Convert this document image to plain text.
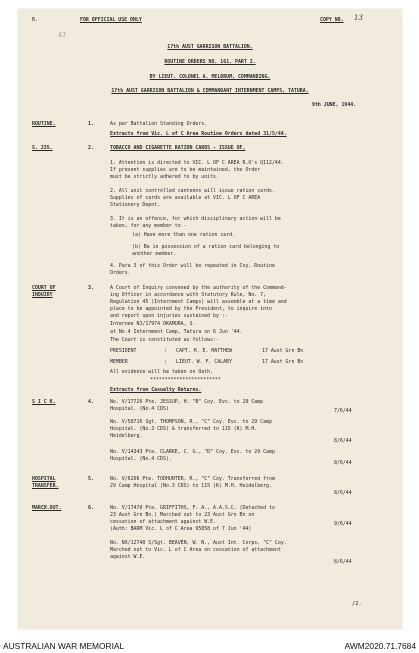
B.	FOR OFFICIAL USE ONLY	COPY NO. 13
43
17th AUST GARRISON BATTALION.
ROUTINE ORDERS NO. 161. PART I.
BY LIEUT. COLONEL A. MELDRUM, COMMANDING.
17th AUST GARRISON BATTALION & COMMANDANT INTERNMENT CAMPS, TATURA.
9th JUNE, 1944.
ROUTINE.	1.	As per Battalion Standing Orders.
Extracts from Vic. L of C Area Routine Orders dated 31/5/44.
S. 235.	2.	TOBACCO AND CIGARETTE RATION CARDS - ISSUE OF.
1. Attention is directed to VIC. L OF C AREA R.O's Q112/44.
If present supplies are to be maintained, the Order
must be strictly adhered to by units.
2. All unit controlled canteens will issue ration cards.
Supplies of cards are available at VIC. L OF C AREA
Stationery Depot.
3. It is an offence, for which disciplinary action will be
taken, for any member to -
(a) Have more than one ration card.
(b) Be in possession of a ration card belonging to
another member.
4. Para 3 of this Order will be repeated in Coy. Routine
Orders.
COURT OF
INQUIRY
3.	A Court of Inquiry convened by the authority of the Command-
ing Officer in accordance with Statutory Rule, No. 7,
Regulation 45 (Internment Camps) will assemble at a time and
place to be appointed by the President, to inquire into
and report upon injuries sustained by :-
Internee NJ/17974 OKAMURA, S.
at No.4 Internment Camp, Tatura on 6 Jun '44.
The Court is constituted as follows:-
PRESIDENT	: CAPT. H. E. MATTHEW	17 Aust Grn Bn
MEMBER	: LIEUT. W. F. CALABY	17 Aust Grn Bn
All evidence will be taken on Oath.
************************
Extracts from Casualty Returns.
S I C K.	4.	No. V/17726 Pte. JESSUP, H. "B" Coy. Evc. to 29 Camp
Hospital. (No.4 CDS)	7/6/44
No. V/50716 Sgt. THOMPSON, R., "C" Coy. Evc. to 29 Camp
Hospital. (No.3 CDS) & transferred to 115 (K) M.H.
Heidelberg.
8/6/44
No. V/14343 Pte. CLARKE, C. G., "D" Coy. Evc. to 29 Camp
Hospital. (No.4 CDS).
8/6/44
HOSPITAL
TRANSFER.
5.	No. V/6206 Pte. TODHUNTER, R., "C" Coy. Transferred from
29 Camp Hospital (No.3 CDS) to 115 (K) M.H. Heidelberg.
8/6/44
MARCH.OUT.	6.	No. V/17470 Pte. GRIFFITHS, F. A., A.A.S.C. (Detached to
23 Aust Grn Bn.) Marched out to 23 Aust Grn Bn on
cessation of attachment against W.E.
(Auth: BARM Vic. L of C Area 95858 of 7 Jun '44)
9/6/44
No. NX/12740 S/Sgt. BEAVEN, W. N., Aust Int. Corps, "C" Coy.
Marched out to Vic. L of C Area on cessation of attachment
against W.E.
8/6/44
/2.
AUSTRALIAN WAR MEMORIAL	AWM2020.71.7684
